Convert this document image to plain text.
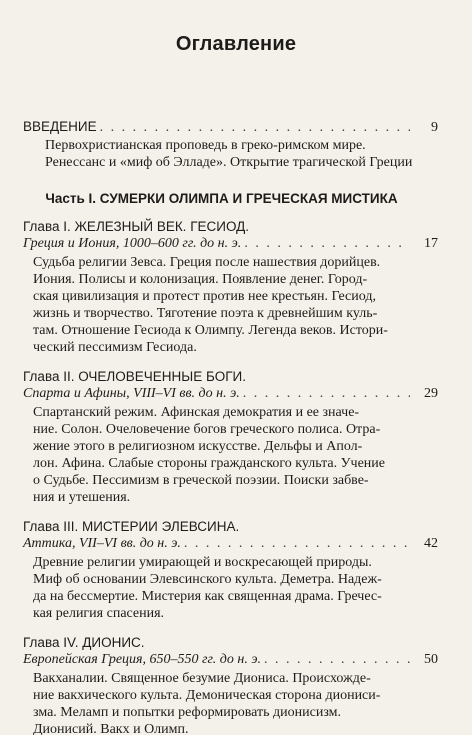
Оглавление
ВВЕДЕНИЕ . . .	9
Первохристианская проповедь в греко-римском мире.
Ренессанс и «миф об Элладе». Открытие трагической Греции
Часть I. СУМЕРКИ ОЛИМПА И ГРЕЧЕСКАЯ МИСТИКА
Глава I. ЖЕЛЕЗНЫЙ ВЕК. ГЕСИОД.
Греция и Иония, 1000–600 гг. до н. э. . . .	17
Судьба религии Зевса. Греция после нашествия дорийцев.
Иония. Полисы и колонизация. Появление денег. Город-
ская цивилизация и протест против нее крестьян. Гесиод,
жизнь и творчество. Тяготение поэта к древнейшим куль-
там. Отношение Гесиода к Олимпу. Легенда веков. Истори-
ческий пессимизм Гесиода.
Глава II. ОЧЕЛОВЕЧЕННЫЕ БОГИ.
Спарта и Афины, VIII–VI вв. до н. э. . . .	29
Спартанский режим. Афинская демократия и ее значе-
ние. Солон. Очеловечение богов греческого полиса. Отра-
жение этого в религиозном искусстве. Дельфы и Апол-
лон. Афина. Слабые стороны гражданского культа. Учение
о Судьбе. Пессимизм в греческой поэзии. Поиски забве-
ния и утешения.
Глава III. МИСТЕРИИ ЭЛЕВСИНА.
Аттика, VII–VI вв. до н. э. . . .	42
Древние религии умирающей и воскресающей природы.
Миф об основании Элевсинского культа. Деметра. Надеж-
да на бессмертие. Мистерия как священная драма. Гречес-
кая религия спасения.
Глава IV. ДИОНИС.
Европейская Греция, 650–550 гг. до н. э. . . .	50
Вакханалии. Священное безумие Диониса. Происхожде-
ние вакхического культа. Демоническая сторона диониси-
зма. Меламп и попытки реформировать дионисизм.
Дионисий. Вакх и Олимп.
